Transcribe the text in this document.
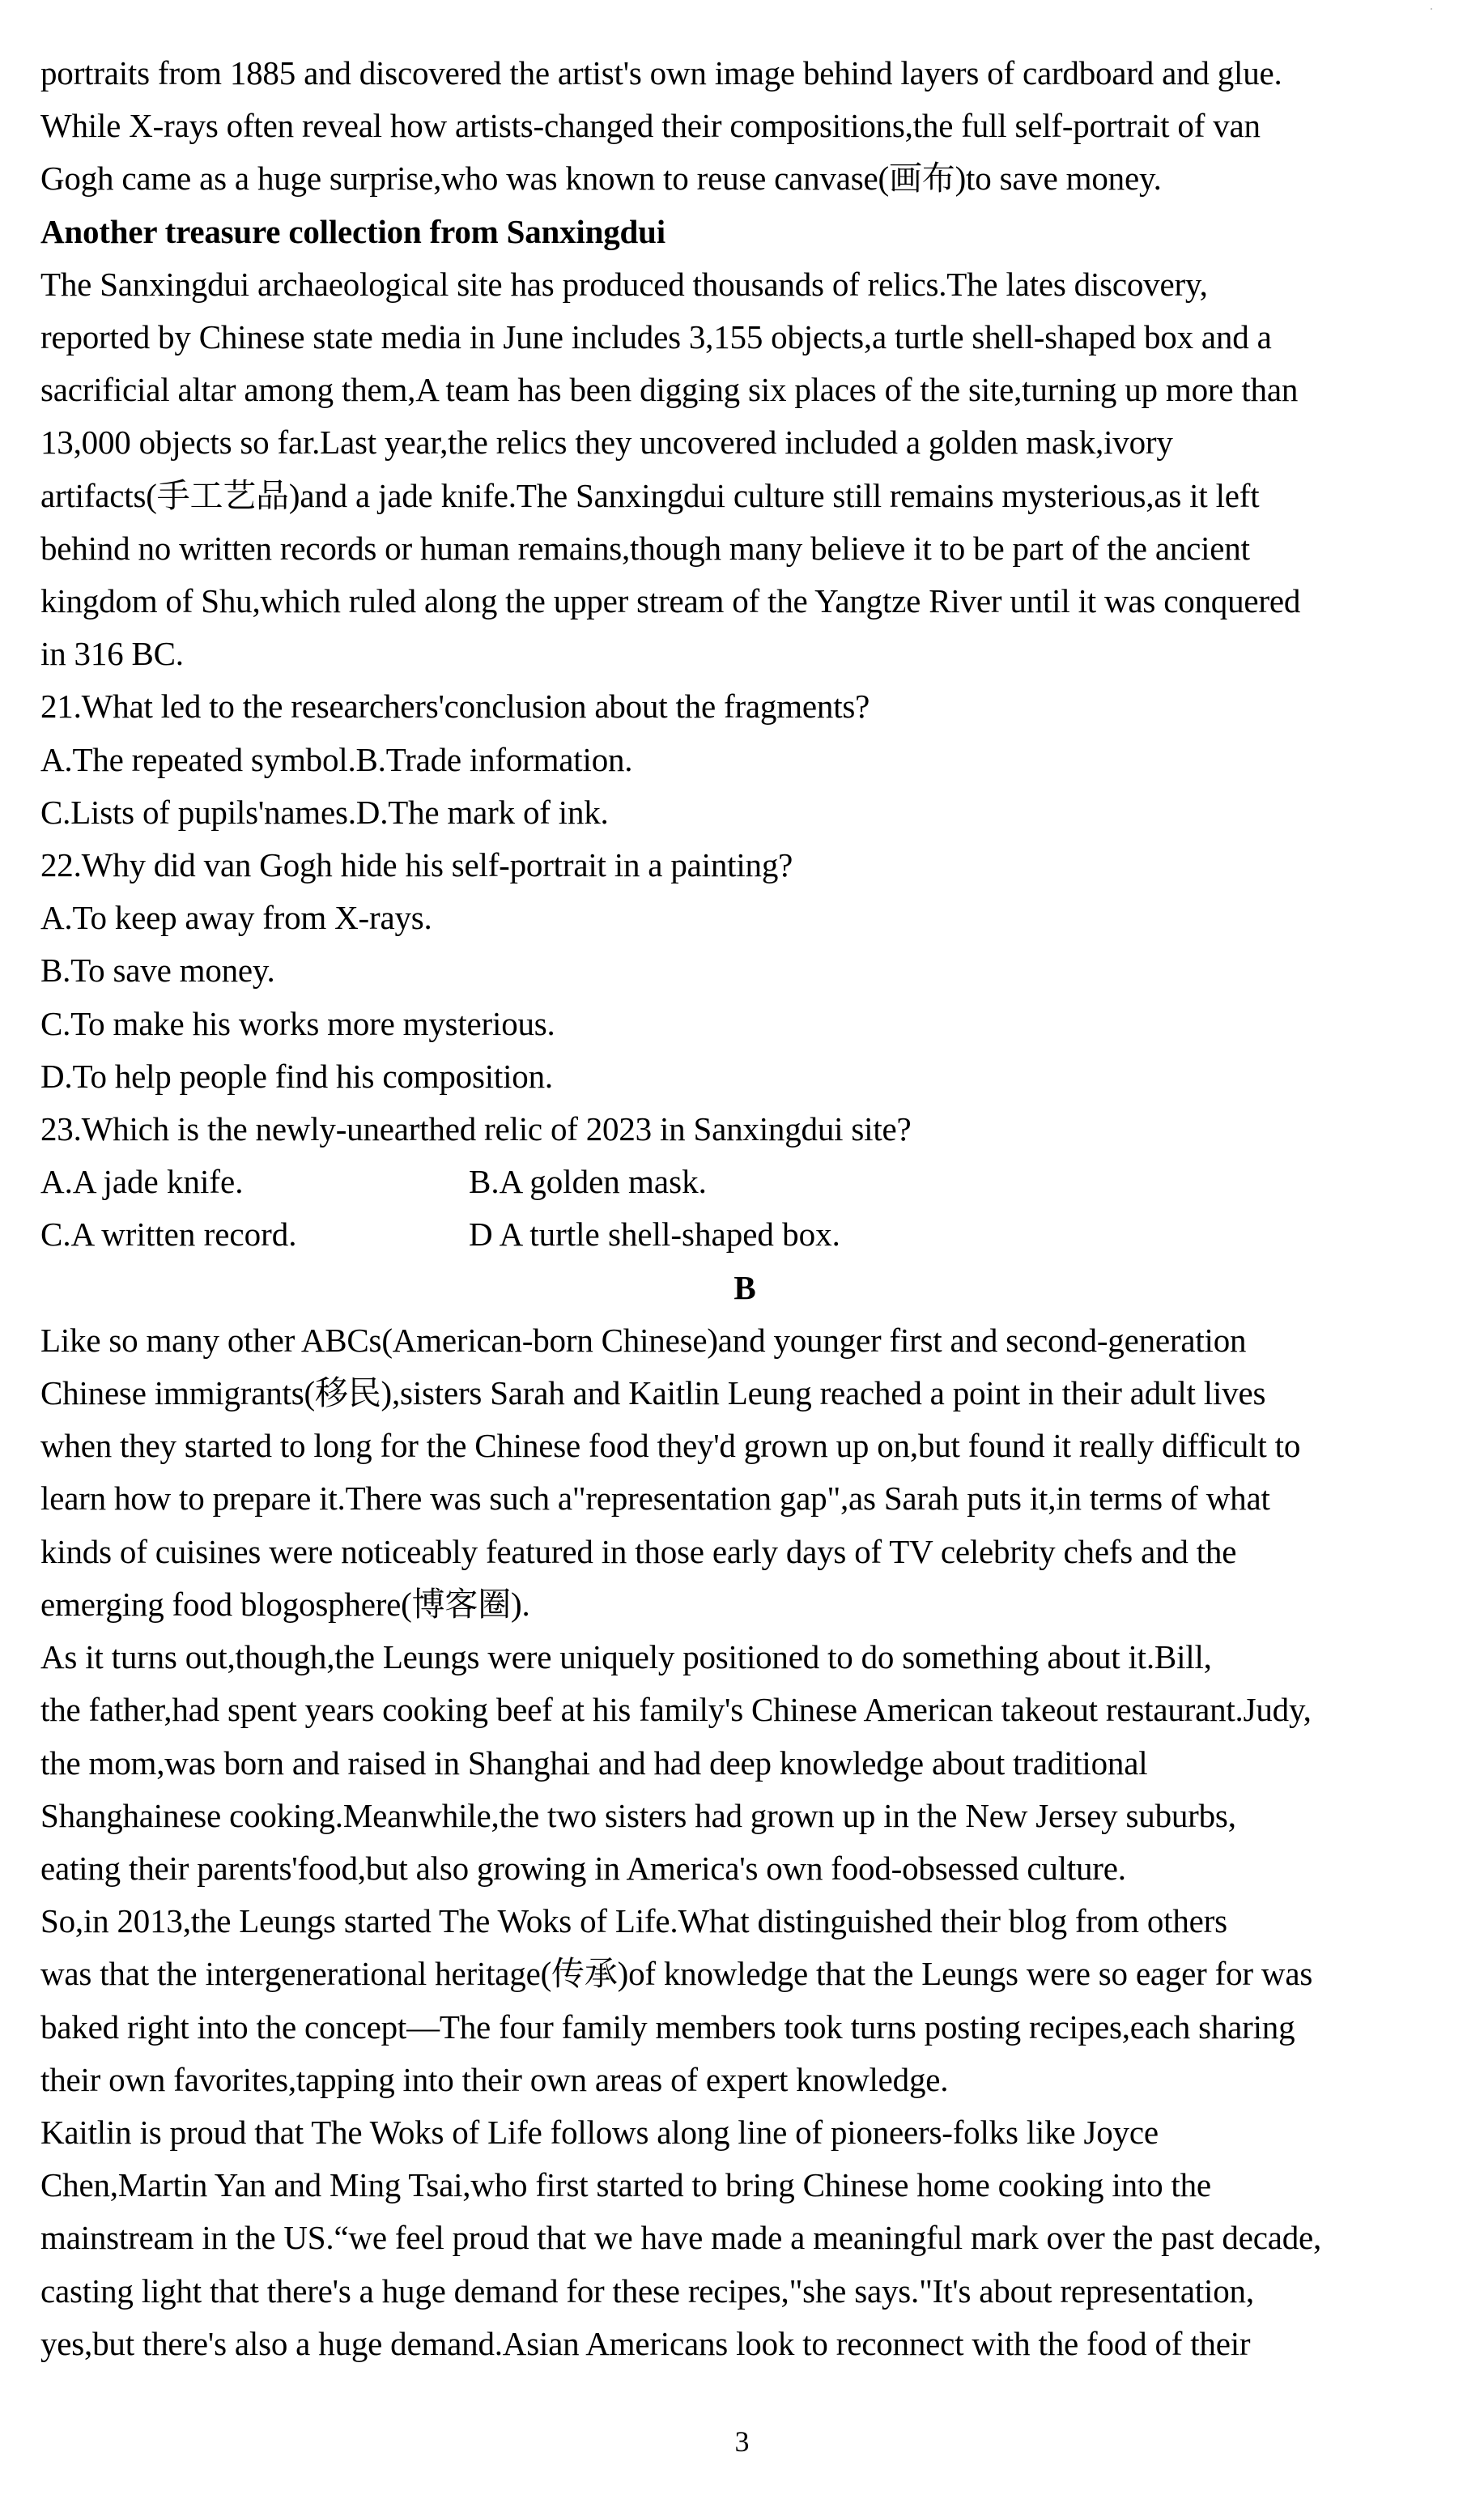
·
portraits from 1885 and discovered the artist's own image behind layers of cardboard and glue.
While X-rays often reveal how artists-changed their compositions,the full self-portrait of van
Gogh came as a huge surprise,who was known to reuse canvase(画布)to save money.
Another treasure collection from Sanxingdui
The Sanxingdui archaeological site has produced thousands of relics.The lates discovery,
reported by Chinese state media in June includes 3,155 objects,a turtle shell-shaped box and a
sacrificial altar among them,A team has been digging six places of the site,turning up more than
13,000 objects so far.Last year,the relics they uncovered included a golden mask,ivory
artifacts(手工艺品)and a jade knife.The Sanxingdui culture still remains mysterious,as it left
behind no written records or human remains,though many believe it to be part of the ancient
kingdom of Shu,which ruled along the upper stream of the Yangtze River until it was conquered
in 316 BC.
21.What led to the researchers'conclusion about the fragments?
A.The repeated symbol.B.Trade information.
C.Lists of pupils'names.D.The mark of ink.
22.Why did van Gogh hide his self-portrait in a painting?
A.To keep away from X-rays.
B.To save money.
C.To make his works more mysterious.
D.To help people find his composition.
23.Which is the newly-unearthed relic of 2023 in Sanxingdui site?
A.A jade knife.	B.A golden mask.
C.A written record.	D A turtle shell-shaped box.
B
Like so many other ABCs(American-born Chinese)and younger first and second-generation
Chinese immigrants(移民),sisters Sarah and Kaitlin Leung reached a point in their adult lives
when they started to long for the Chinese food they'd grown up on,but found it really difficult to
learn how to prepare it.There was such a"representation gap",as Sarah puts it,in terms of what
kinds of cuisines were noticeably featured in those early days of TV celebrity chefs and the
emerging food blogosphere(博客圈).
As it turns out,though,the Leungs were uniquely positioned to do something about it.Bill,
the father,had spent years cooking beef at his family's Chinese American takeout restaurant.Judy,
the mom,was born and raised in Shanghai and had deep knowledge about traditional
Shanghainese cooking.Meanwhile,the two sisters had grown up in the New Jersey suburbs,
eating their parents'food,but also growing in America's own food-obsessed culture.
So,in 2013,the Leungs started The Woks of Life.What distinguished their blog from others
was that the intergenerational heritage(传承)of knowledge that the Leungs were so eager for was
baked right into the concept—The four family members took turns posting recipes,each sharing
their own favorites,tapping into their own areas of expert knowledge.
Kaitlin is proud that The Woks of Life follows along line of pioneers-folks like Joyce
Chen,Martin Yan and Ming Tsai,who first started to bring Chinese home cooking into the
mainstream in the US.“we feel proud that we have made a meaningful mark over the past decade,
casting light that there's a huge demand for these recipes,"she says."It's about representation,
yes,but there's also a huge demand.Asian Americans look to reconnect with the food of their
3
